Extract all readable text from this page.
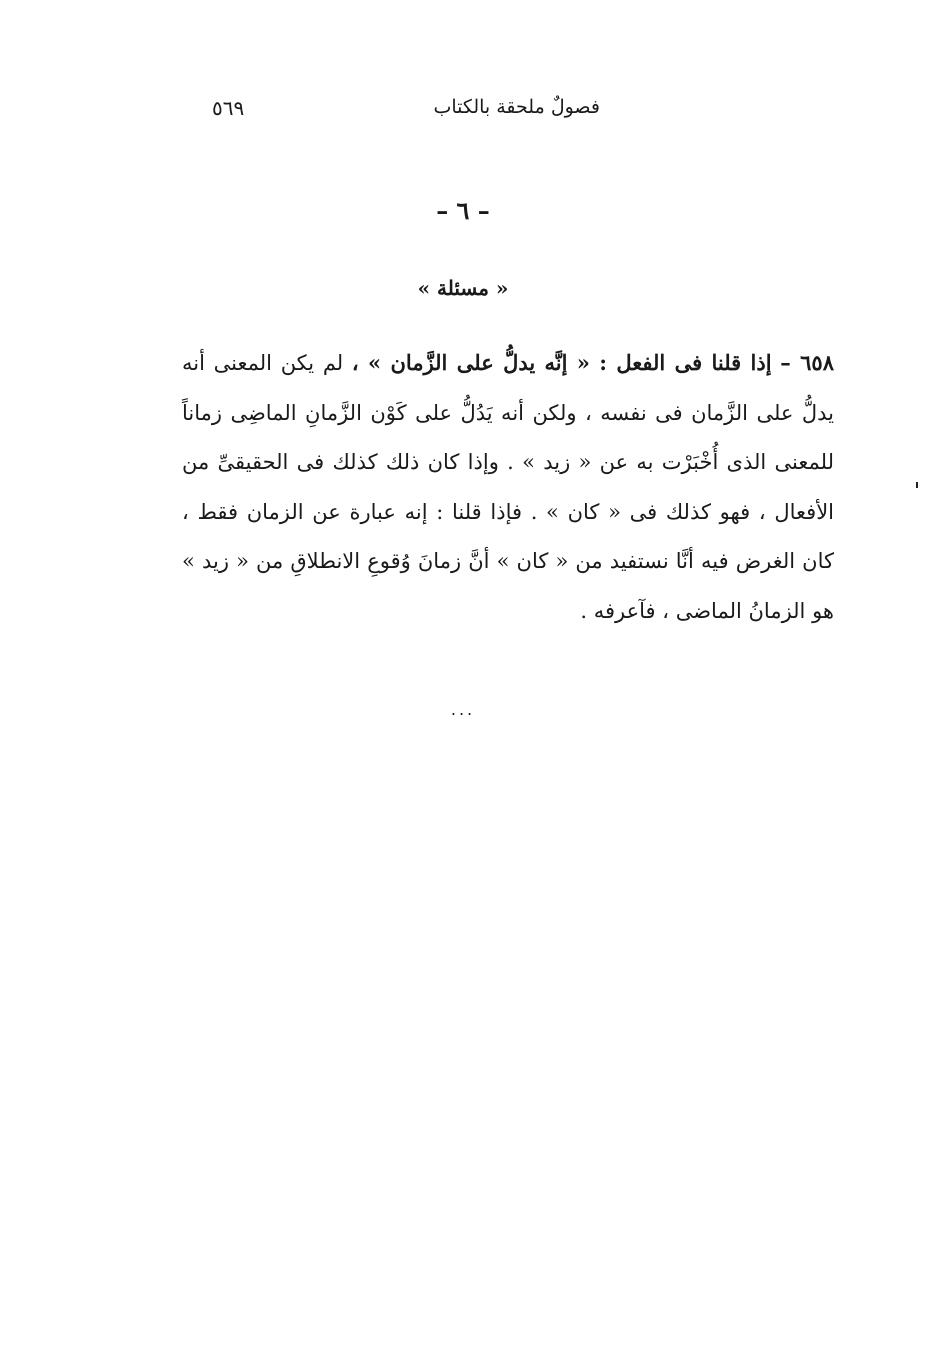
فصولٌ ملحقة بالكتاب
٥٦٩
– ٦ –
« مسئلة »
٦٥٨ – إذا قلنا فى الفعل : « إنَّه يدلُّ على الزَّمان » ، لم يكن المعنى أنه يدلُّ على الزَّمان فى نفسه ، ولكن أنه يَدُلُّ على كَوْن الزَّمانِ الماضِى زماناً للمعنى الذى أُخْبَرْت به عن « زيد » . وإذا كان ذلك كذلك فى الحقيقىِّ من الأفعال ، فهو كذلك فى « كان » . فإذا قلنا : إنه عبارة عن الزمان فقط ، كان الغرض فيه أنَّا نستفيد من « كان » أنَّ زمانَ وُقوعِ الانطلاقِ من « زيد » هو الزمانُ الماضى ، فآعرفه .
...
